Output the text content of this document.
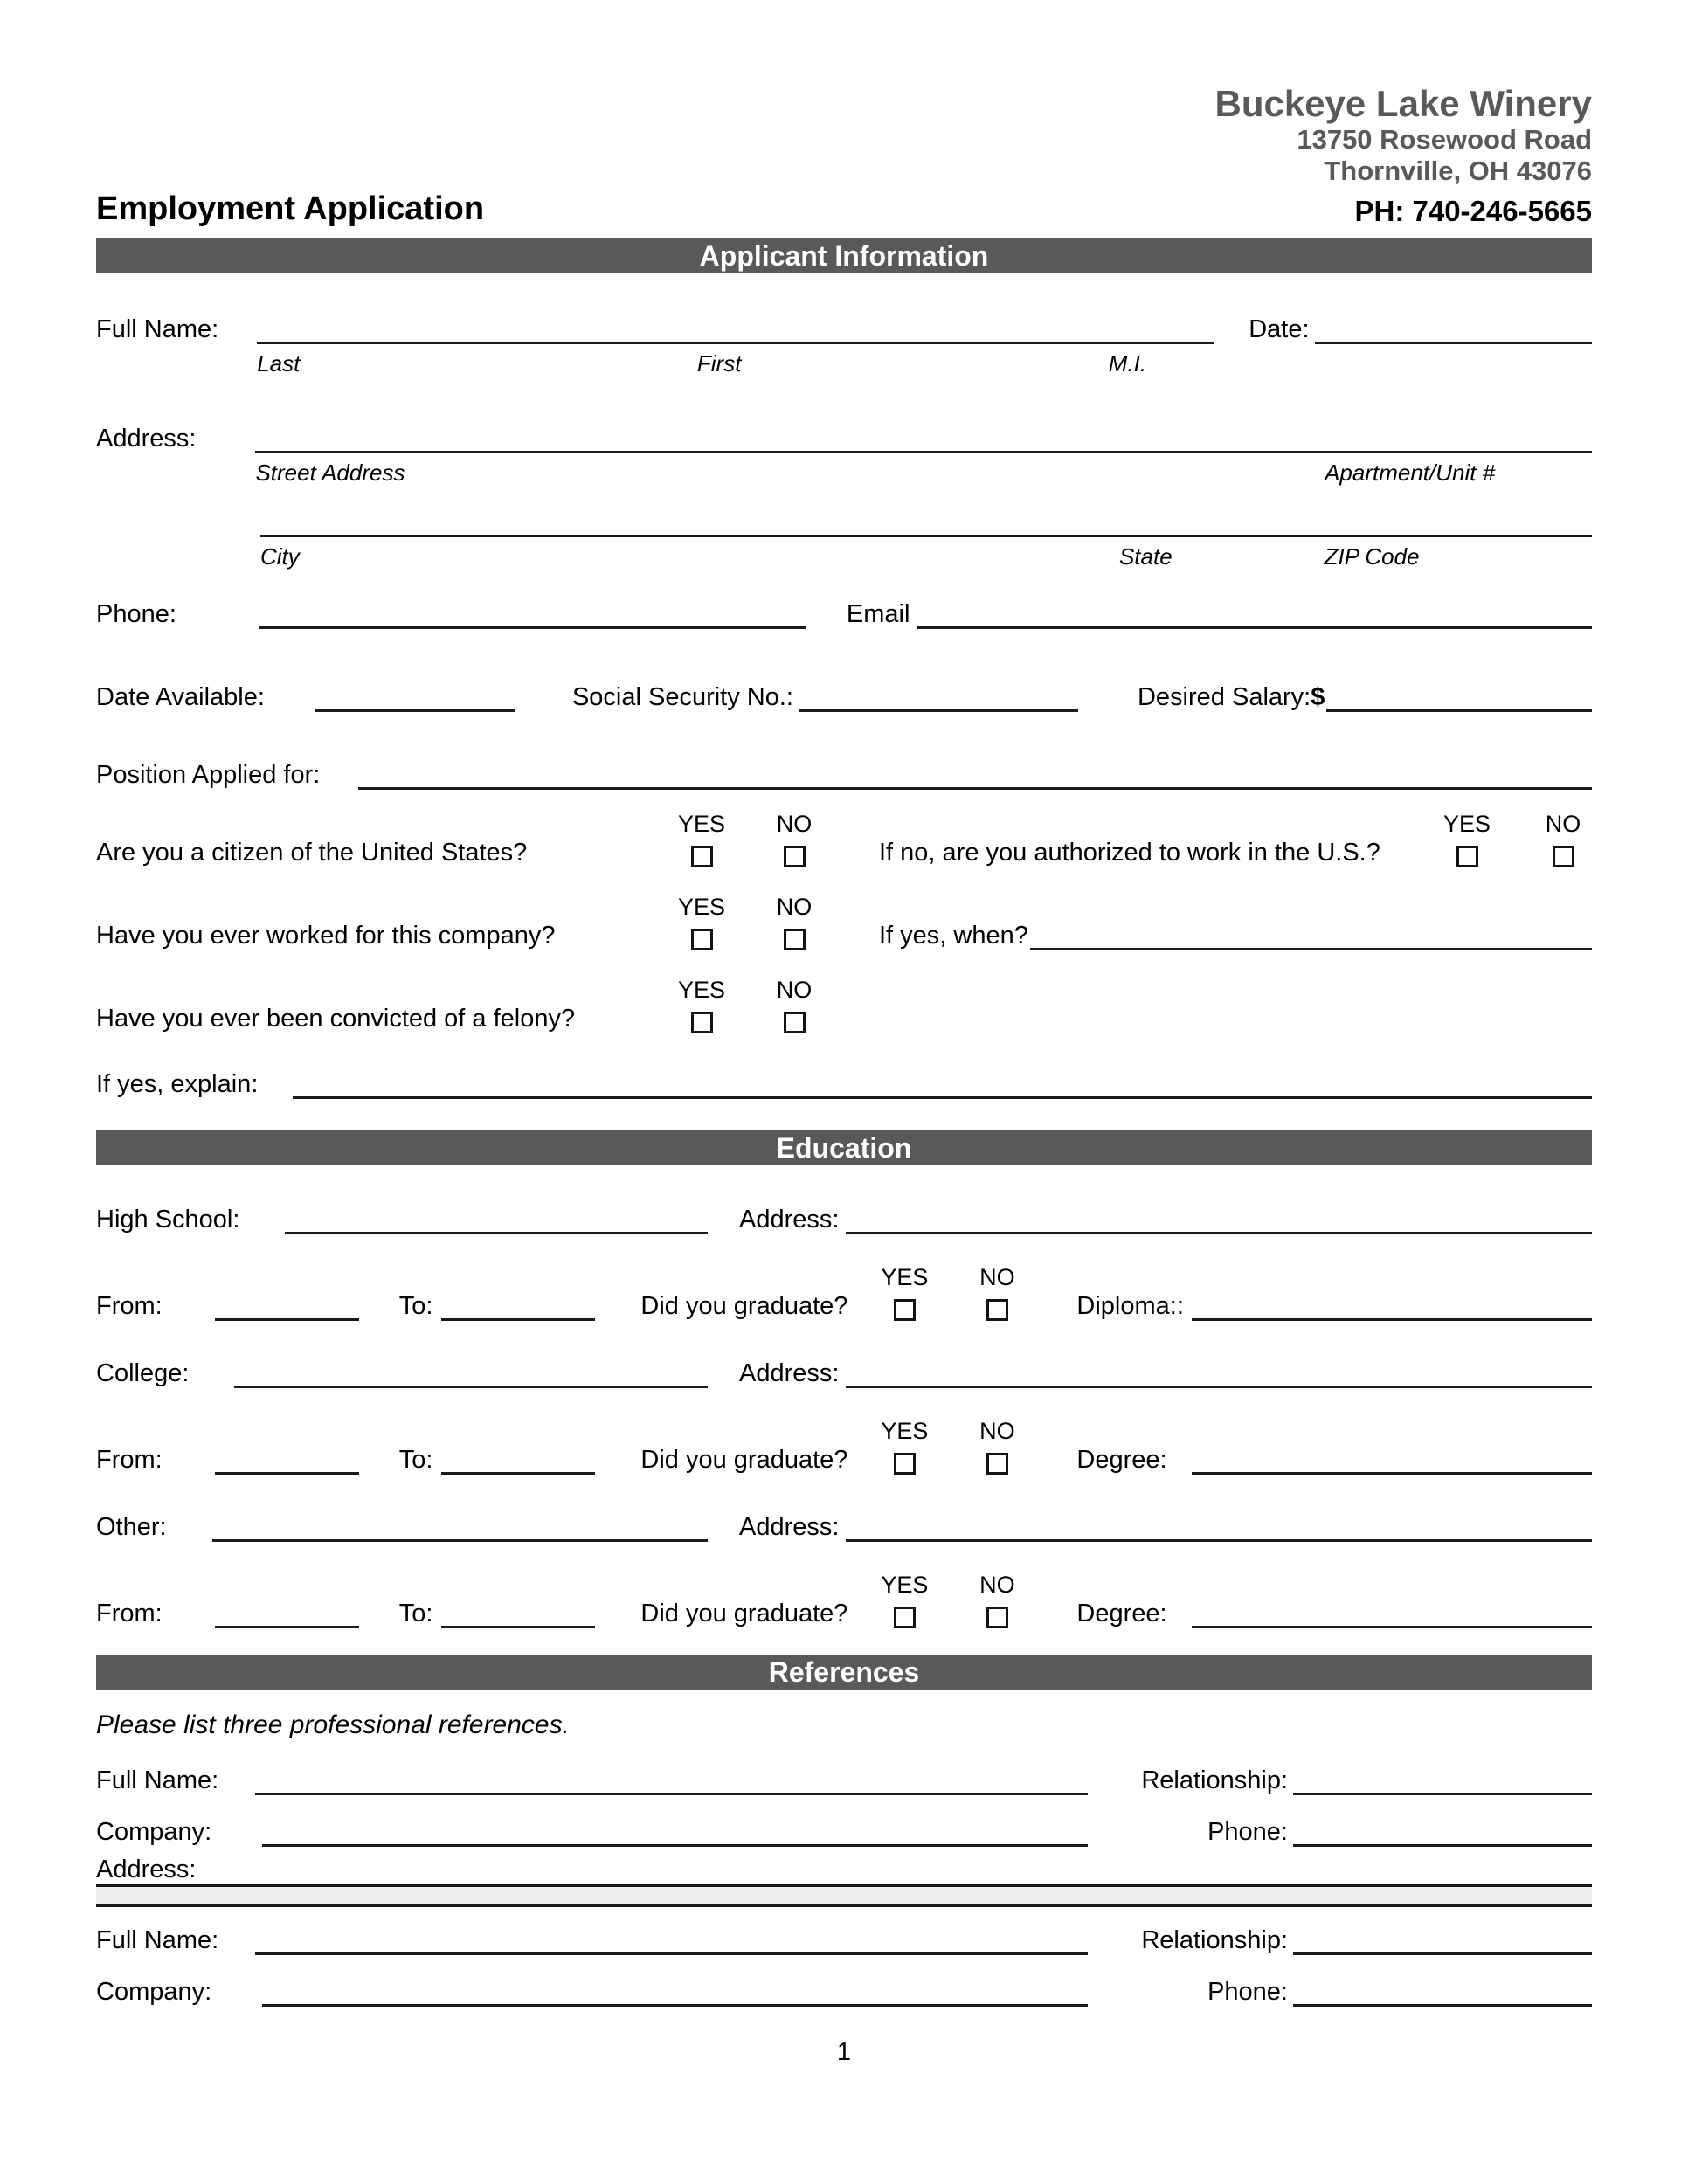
Employment Application
Buckeye Lake Winery
13750 Rosewood Road
Thornville, OH 43076
PH: 740-246-5665
Applicant Information
Full Name:
Last	First	M.I.
Date:
Address:
Street Address	Apartment/Unit #
City	State	ZIP Code
Phone:	Email
Date Available:	Social Security No.:	Desired Salary: $
Position Applied for:
Are you a citizen of the United States?
YES NO
If no, are you authorized to work in the U.S.?
YES NO
Have you ever worked for this company?
YES NO
If yes, when?
Have you ever been convicted of a felony?
YES NO
If yes, explain:
Education
High School:	Address:
From:	To:	Did you graduate?
YES NO
Diploma::
College:	Address:
From:	To:	Did you graduate?
YES NO
Degree:
Other:	Address:
From:	To:	Did you graduate?
YES NO
Degree:
References
Please list three professional references.
Full Name:	Relationship:
Company:	Phone:
Address:
Full Name:	Relationship:
Company:	Phone:
1
